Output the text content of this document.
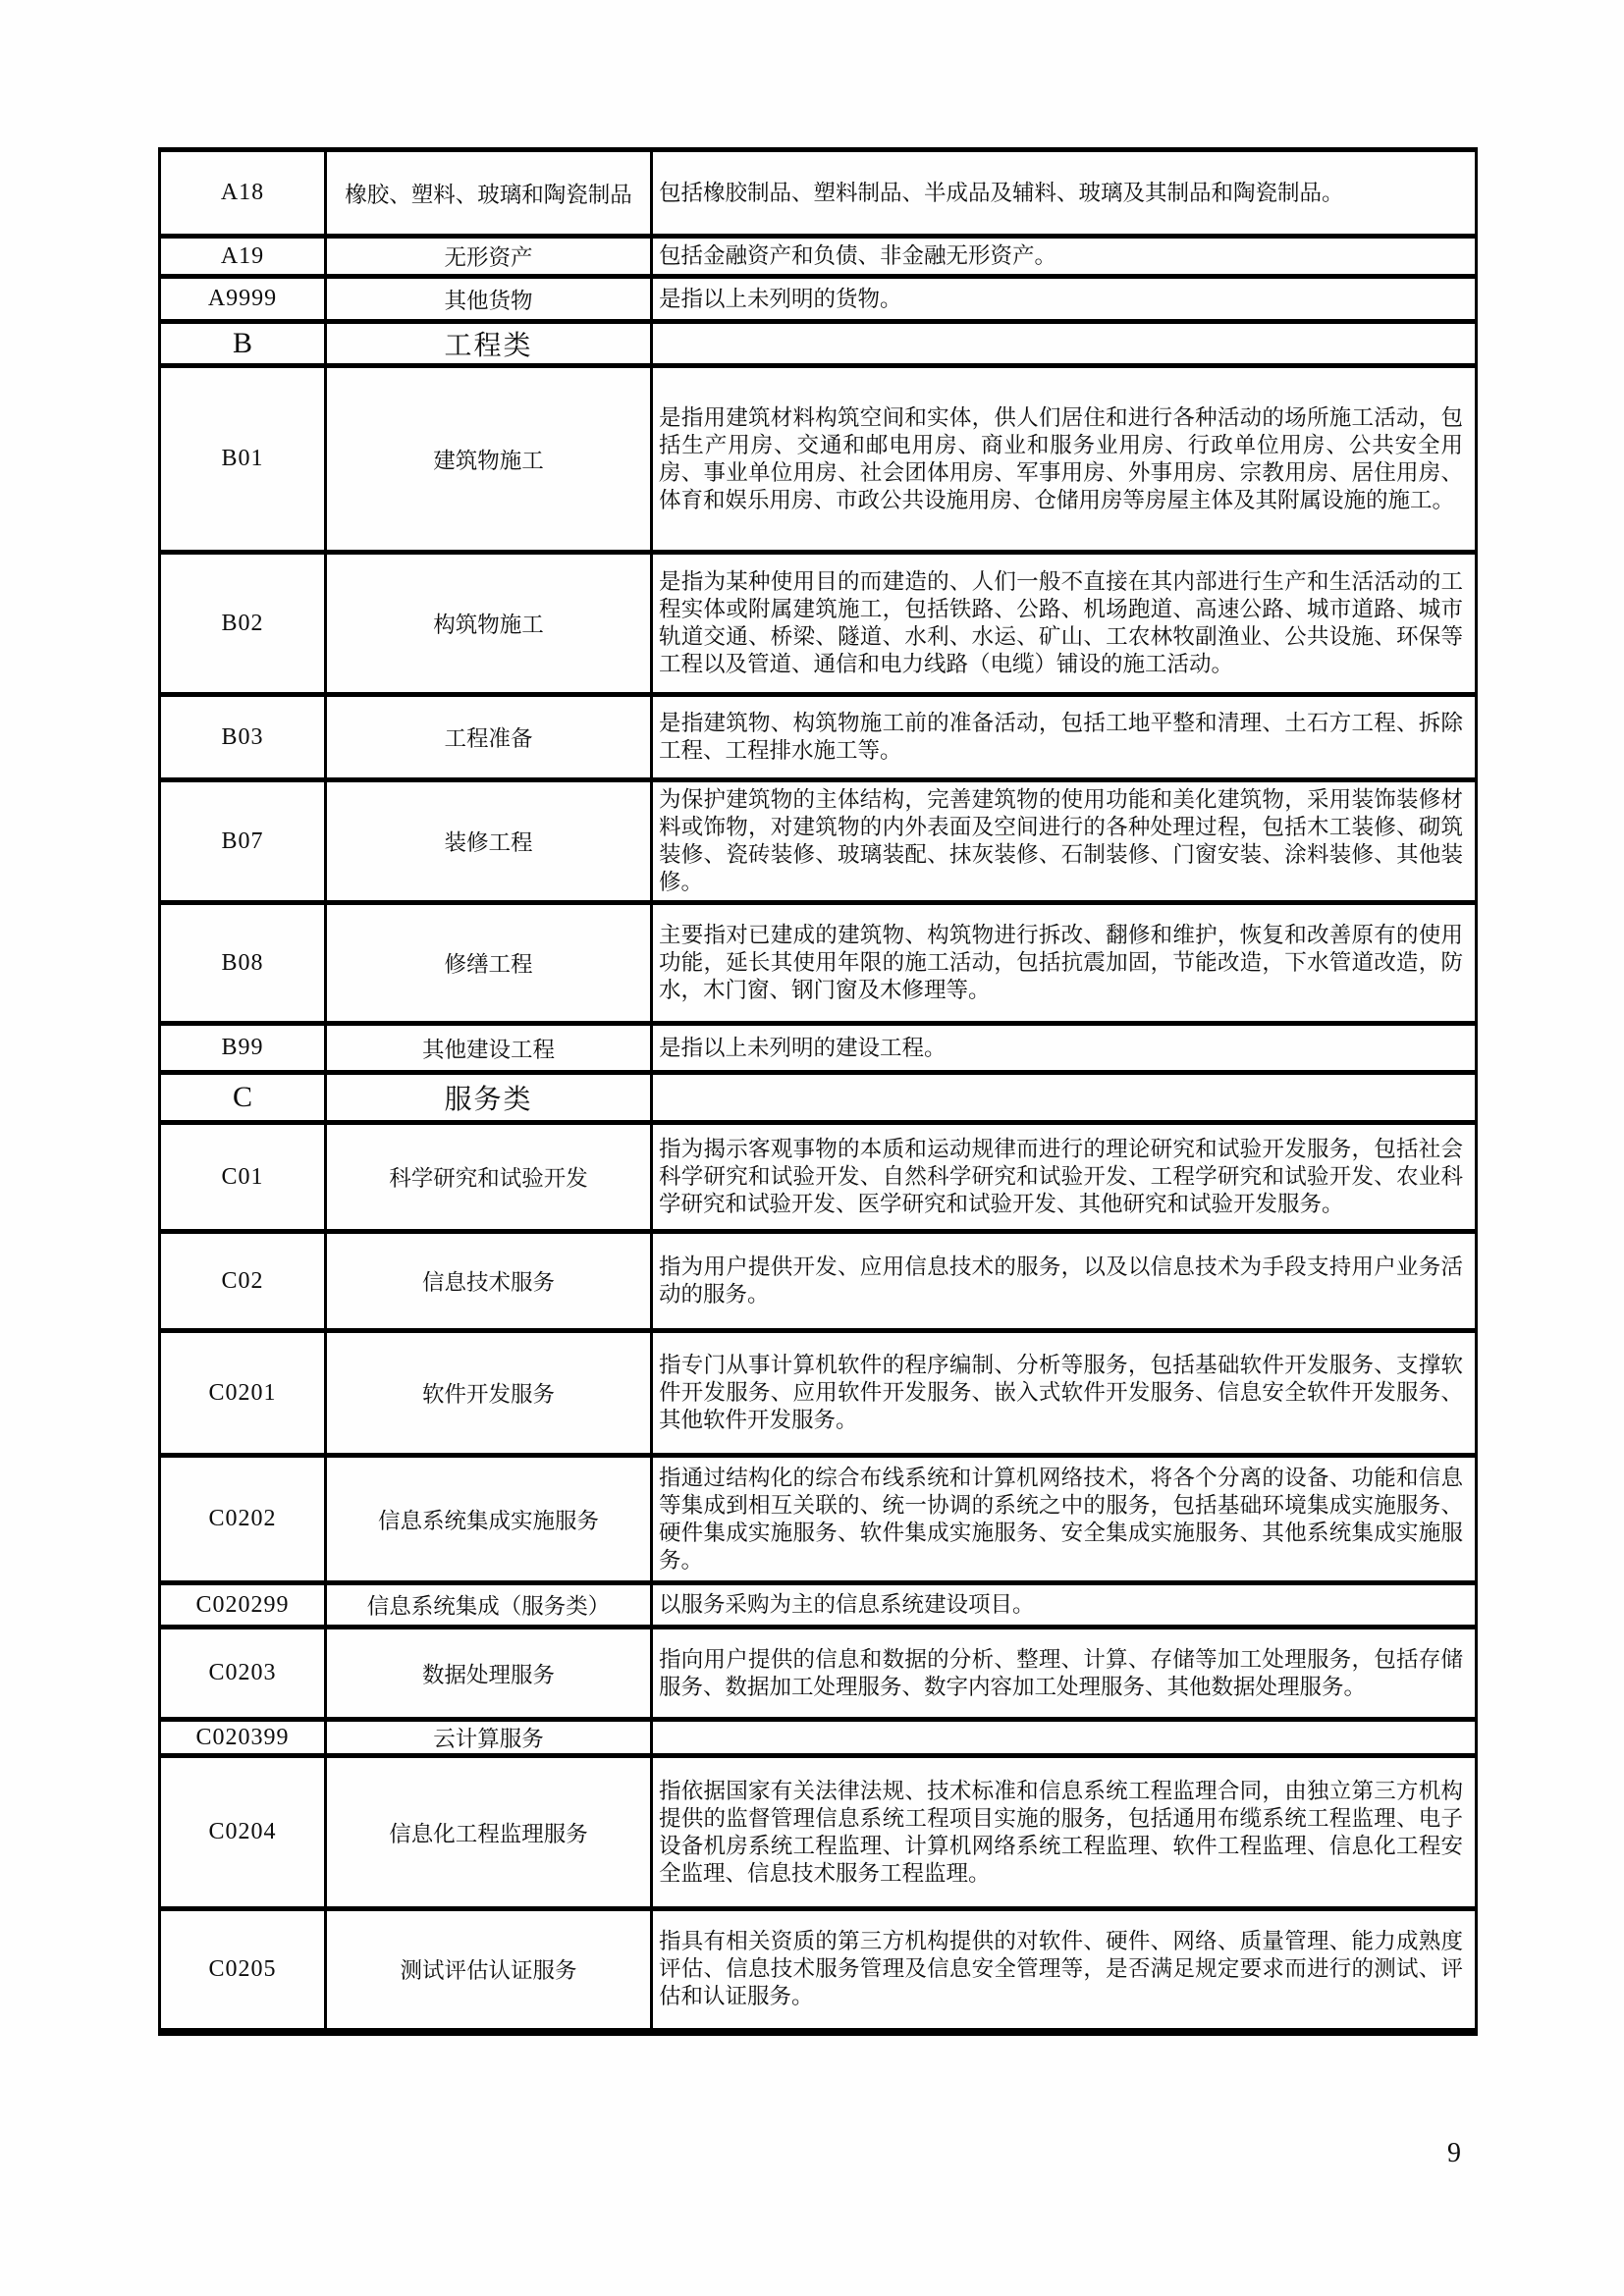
A18	橡胶、塑料、玻璃和陶瓷制品	包括橡胶制品、塑料制品、半成品及辅料、玻璃及其制品和陶瓷制品。
A19	无形资产	包括金融资产和负债、非金融无形资产。
A9999	其他货物	是指以上未列明的货物。
B	工程类	
B01	建筑物施工	是指用建筑材料构筑空间和实体，供人们居住和进行各种活动的场所施工活动，包括生产用房、交通和邮电用房、商业和服务业用房、行政单位用房、公共安全用房、事业单位用房、社会团体用房、军事用房、外事用房、宗教用房、居住用房、体育和娱乐用房、市政公共设施用房、仓储用房等房屋主体及其附属设施的施工。
B02	构筑物施工	是指为某种使用目的而建造的、人们一般不直接在其内部进行生产和生活活动的工程实体或附属建筑施工，包括铁路、公路、机场跑道、高速公路、城市道路、城市轨道交通、桥梁、隧道、水利、水运、矿山、工农林牧副渔业、公共设施、环保等工程以及管道、通信和电力线路（电缆）铺设的施工活动。
B03	工程准备	是指建筑物、构筑物施工前的准备活动，包括工地平整和清理、土石方工程、拆除工程、工程排水施工等。
B07	装修工程	为保护建筑物的主体结构，完善建筑物的使用功能和美化建筑物，采用装饰装修材料或饰物，对建筑物的内外表面及空间进行的各种处理过程，包括木工装修、砌筑装修、瓷砖装修、玻璃装配、抹灰装修、石制装修、门窗安装、涂料装修、其他装修。
B08	修缮工程	主要指对已建成的建筑物、构筑物进行拆改、翻修和维护，恢复和改善原有的使用功能，延长其使用年限的施工活动，包括抗震加固，节能改造，下水管道改造，防水，木门窗、钢门窗及木修理等。
B99	其他建设工程	是指以上未列明的建设工程。
C	服务类	
C01	科学研究和试验开发	指为揭示客观事物的本质和运动规律而进行的理论研究和试验开发服务，包括社会科学研究和试验开发、自然科学研究和试验开发、工程学研究和试验开发、农业科学研究和试验开发、医学研究和试验开发、其他研究和试验开发服务。
C02	信息技术服务	指为用户提供开发、应用信息技术的服务，以及以信息技术为手段支持用户业务活动的服务。
C0201	软件开发服务	指专门从事计算机软件的程序编制、分析等服务，包括基础软件开发服务、支撑软件开发服务、应用软件开发服务、嵌入式软件开发服务、信息安全软件开发服务、其他软件开发服务。
C0202	信息系统集成实施服务	指通过结构化的综合布线系统和计算机网络技术，将各个分离的设备、功能和信息等集成到相互关联的、统一协调的系统之中的服务，包括基础环境集成实施服务、硬件集成实施服务、软件集成实施服务、安全集成实施服务、其他系统集成实施服务。
C020299	信息系统集成（服务类）	以服务采购为主的信息系统建设项目。
C0203	数据处理服务	指向用户提供的信息和数据的分析、整理、计算、存储等加工处理服务，包括存储服务、数据加工处理服务、数字内容加工处理服务、其他数据处理服务。
C020399	云计算服务	
C0204	信息化工程监理服务	指依据国家有关法律法规、技术标准和信息系统工程监理合同，由独立第三方机构提供的监督管理信息系统工程项目实施的服务，包括通用布缆系统工程监理、电子设备机房系统工程监理、计算机网络系统工程监理、软件工程监理、信息化工程安全监理、信息技术服务工程监理。
C0205	测试评估认证服务	指具有相关资质的第三方机构提供的对软件、硬件、网络、质量管理、能力成熟度评估、信息技术服务管理及信息安全管理等，是否满足规定要求而进行的测试、评估和认证服务。
9
